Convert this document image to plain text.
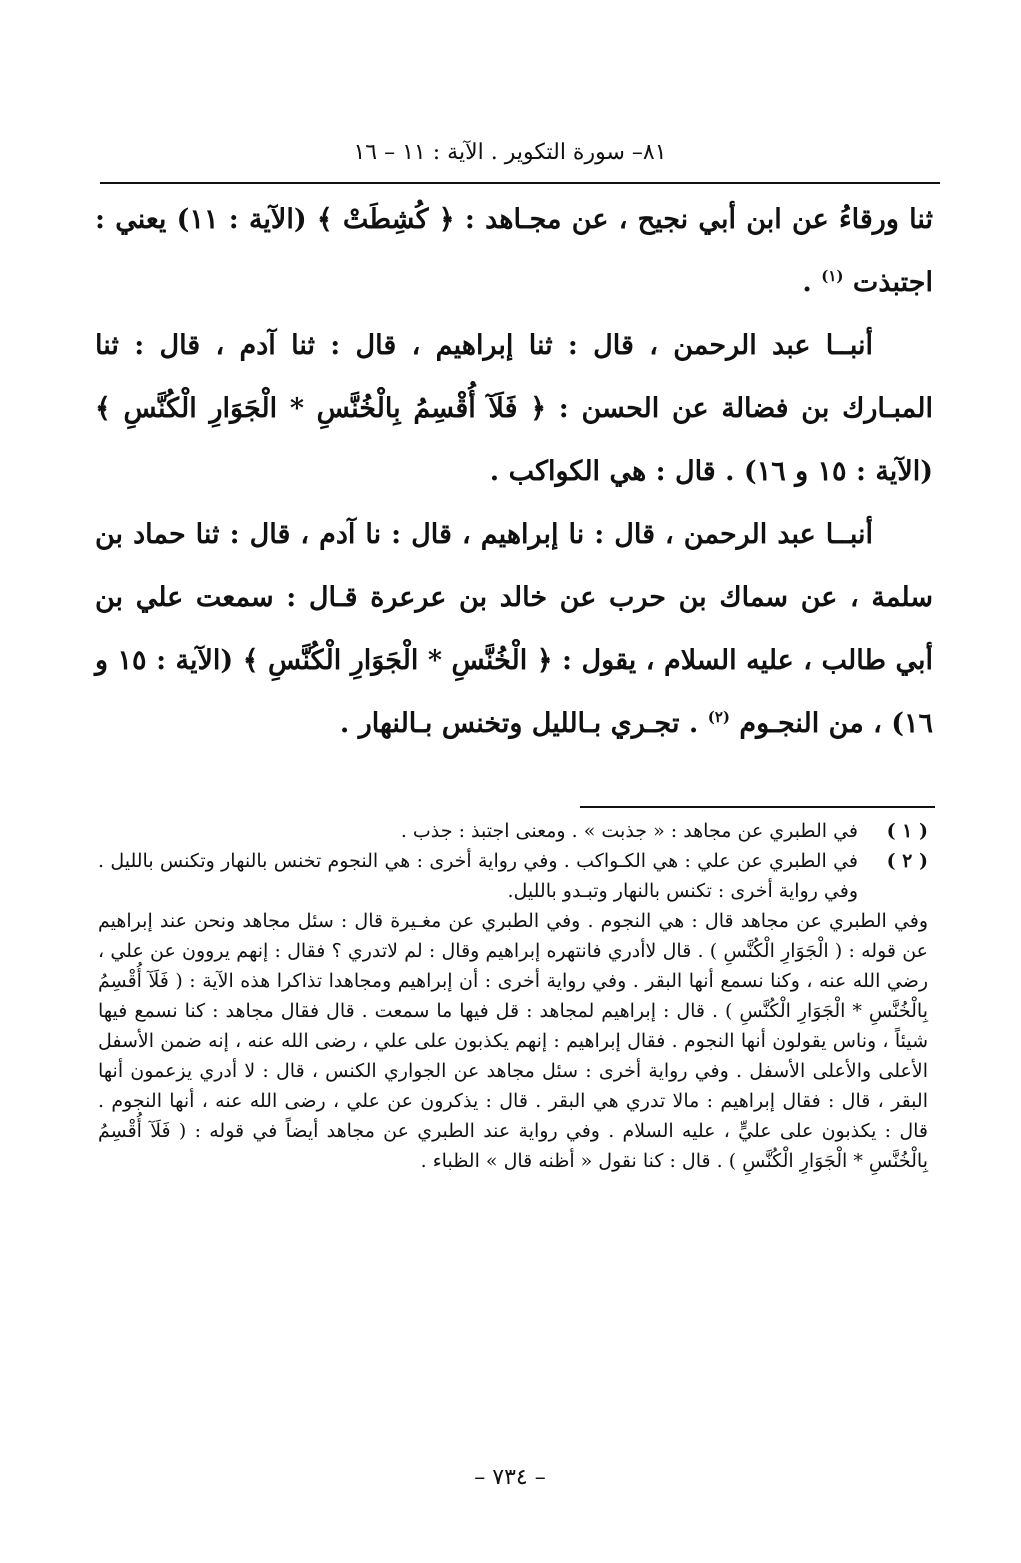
٨١– سورة التكوير . الآية : ١١ – ١٦

ثنا ورقاءُ عن ابن أبي نجيح ، عن مجـاهد : ﴿ كُشِطَتْ ﴾ (الآية : ١١) يعني : اجتبذت $^{(١)}$ .

أنبــا عبد الرحمن ، قال : ثنا إبراهيم ، قال : ثنا آدم ، قال : ثنا المبـارك بن فضالة عن الحسن : ﴿ فَلَآ أُقْسِمُ بِالْخُنَّسِ * الْجَوَارِ الْكُنَّسِ ﴾ (الآية : ١٥ و ١٦) . قال : هي الكواكب .

أنبــا عبد الرحمن ، قال : نا إبراهيم ، قال : نا آدم ، قال : ثنا حماد بن سلمة ، عن سماك بن حرب عن خالد بن عرعرة قـال : سمعت علي بن أبي طالب ، عليه السلام ، يقول : ﴿ الْخُنَّسِ * الْجَوَارِ الْكُنَّسِ ﴾ (الآية : ١٥ و ١٦) ، من النجـوم $^{(٢)}$ . تجـري بـالليل وتخنس بـالنهار .

( ١ )
في الطبري عن مجاهد : « جذبت » . ومعنى اجتبذ : جذب .
( ٢ )
في الطبري عن علي : هي الكـواكب . وفي رواية أخرى : هي النجوم تخنس بالنهار وتكنس بالليل . وفي رواية أخرى : تكنس بالنهار وتبـدو بالليل.
وفي الطبري عن مجاهد قال : هي النجوم . وفي الطبري عن مغـيرة قال : سئل مجاهد ونحن عند إبراهيم عن قوله : ( الْجَوَارِ الْكُنَّسِ ) . قال لاأدري فانتهره إبراهيم وقال : لم لاتدري ؟ فقال : إنهم يروون عن علي ، رضي الله عنه ، وكنا نسمع أنها البقر . وفي رواية أخرى : أن إبراهيم ومجاهدا تذاكرا هذه الآية : ( فَلَآ أُقْسِمُ بِالْخُنَّسِ * الْجَوَارِ الْكُنَّسِ ) . قال : إبراهيم لمجاهد : قل فيها ما سمعت . قال فقال مجاهد : كنا نسمع فيها شيئاً ، وناس يقولون أنها النجوم . فقال إبراهيم : إنهم يكذبون على علي ، رضى الله عنه ، إنه ضمن الأسفل الأعلى والأعلى الأسفل . وفي رواية أخرى : سئل مجاهد عن الجواري الكنس ، قال : لا أدري يزعمون أنها البقر ، قال : فقال إبراهيم : مالا تدري هي البقر . قال : يذكرون عن علي ، رضى الله عنه ، أنها النجوم . قال : يكذبون على عليٍّ ، عليه السلام . وفي رواية عند الطبري عن مجاهد أيضاً في قوله : ( فَلَآ أُقْسِمُ بِالْخُنَّسِ * الْجَوَارِ الْكُنَّسِ ) . قال : كنا نقول « أظنه قال » الظباء .
– ٧٣٤ –
